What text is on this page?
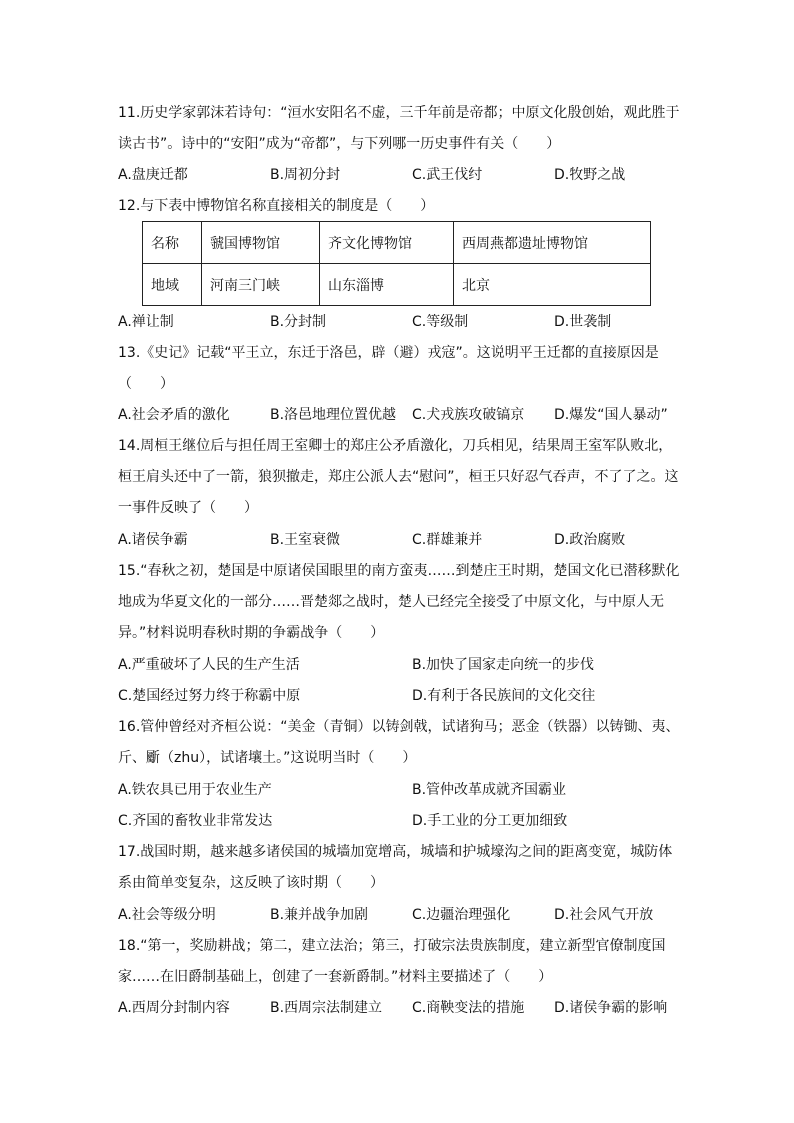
11.历史学家郭沫若诗句：“洹水安阳名不虚，三千年前是帝都；中原文化殷创始，观此胜于
读古书”。诗中的“安阳”成为“帝都”，与下列哪一历史事件有关（　　）
A.盘庚迁都	B.周初分封	C.武王伐纣	D.牧野之战
12.与下表中博物馆名称直接相关的制度是（　　）
名称	虢国博物馆	齐文化博物馆	西周燕都遗址博物馆
地域	河南三门峡	山东淄博	北京
A.禅让制	B.分封制	C.等级制	D.世袭制
13.《史记》记载“平王立，东迁于洛邑，辟（避）戎寇”。这说明平王迁都的直接原因是
（　　）
A.社会矛盾的激化	B.洛邑地理位置优越 C.犬戎族攻破镐京 D.爆发“国人暴动”
14.周桓王继位后与担任周王室卿士的郑庄公矛盾激化，刀兵相见，结果周王室军队败北，
桓王肩头还中了一箭，狼狈撤走，郑庄公派人去“慰问”，桓王只好忍气吞声，不了了之。这
一事件反映了（　　）
A.诸侯争霸	B.王室衰微	C.群雄兼并	D.政治腐败
15.“春秋之初，楚国是中原诸侯国眼里的南方蛮夷……到楚庄王时期，楚国文化已潜移默化
地成为华夏文化的一部分……晋楚郯之战时，楚人已经完全接受了中原文化，与中原人无
异。”材料说明春秋时期的争霸战争（　　）
A.严重破坏了人民的生产生活	B.加快了国家走向统一的步伐
C.楚国经过努力终于称霸中原	D.有利于各民族间的文化交往
16.管仲曾经对齐桓公说：“美金（青铜）以铸剑戟，试诸狗马；恶金（铁器）以铸锄、夷、
斤、斸（zhu），试诸壤土。”这说明当时（　　）
A.铁农具已用于农业生产	B.管仲改革成就齐国霸业
C.齐国的畜牧业非常发达	D.手工业的分工更加细致
17.战国时期，越来越多诸侯国的城墙加宽增高，城墙和护城壕沟之间的距离变宽，城防体
系由简单变复杂，这反映了该时期（　　）
A.社会等级分明	B.兼并战争加剧	C.边疆治理强化	D.社会风气开放
18.“第一，奖励耕战；第二，建立法治；第三，打破宗法贵族制度，建立新型官僚制度国
家……在旧爵制基础上，创建了一套新爵制。”材料主要描述了（　　）
A.西周分封制内容	B.西周宗法制建立 C.商鞅变法的措施 D.诸侯争霸的影响
